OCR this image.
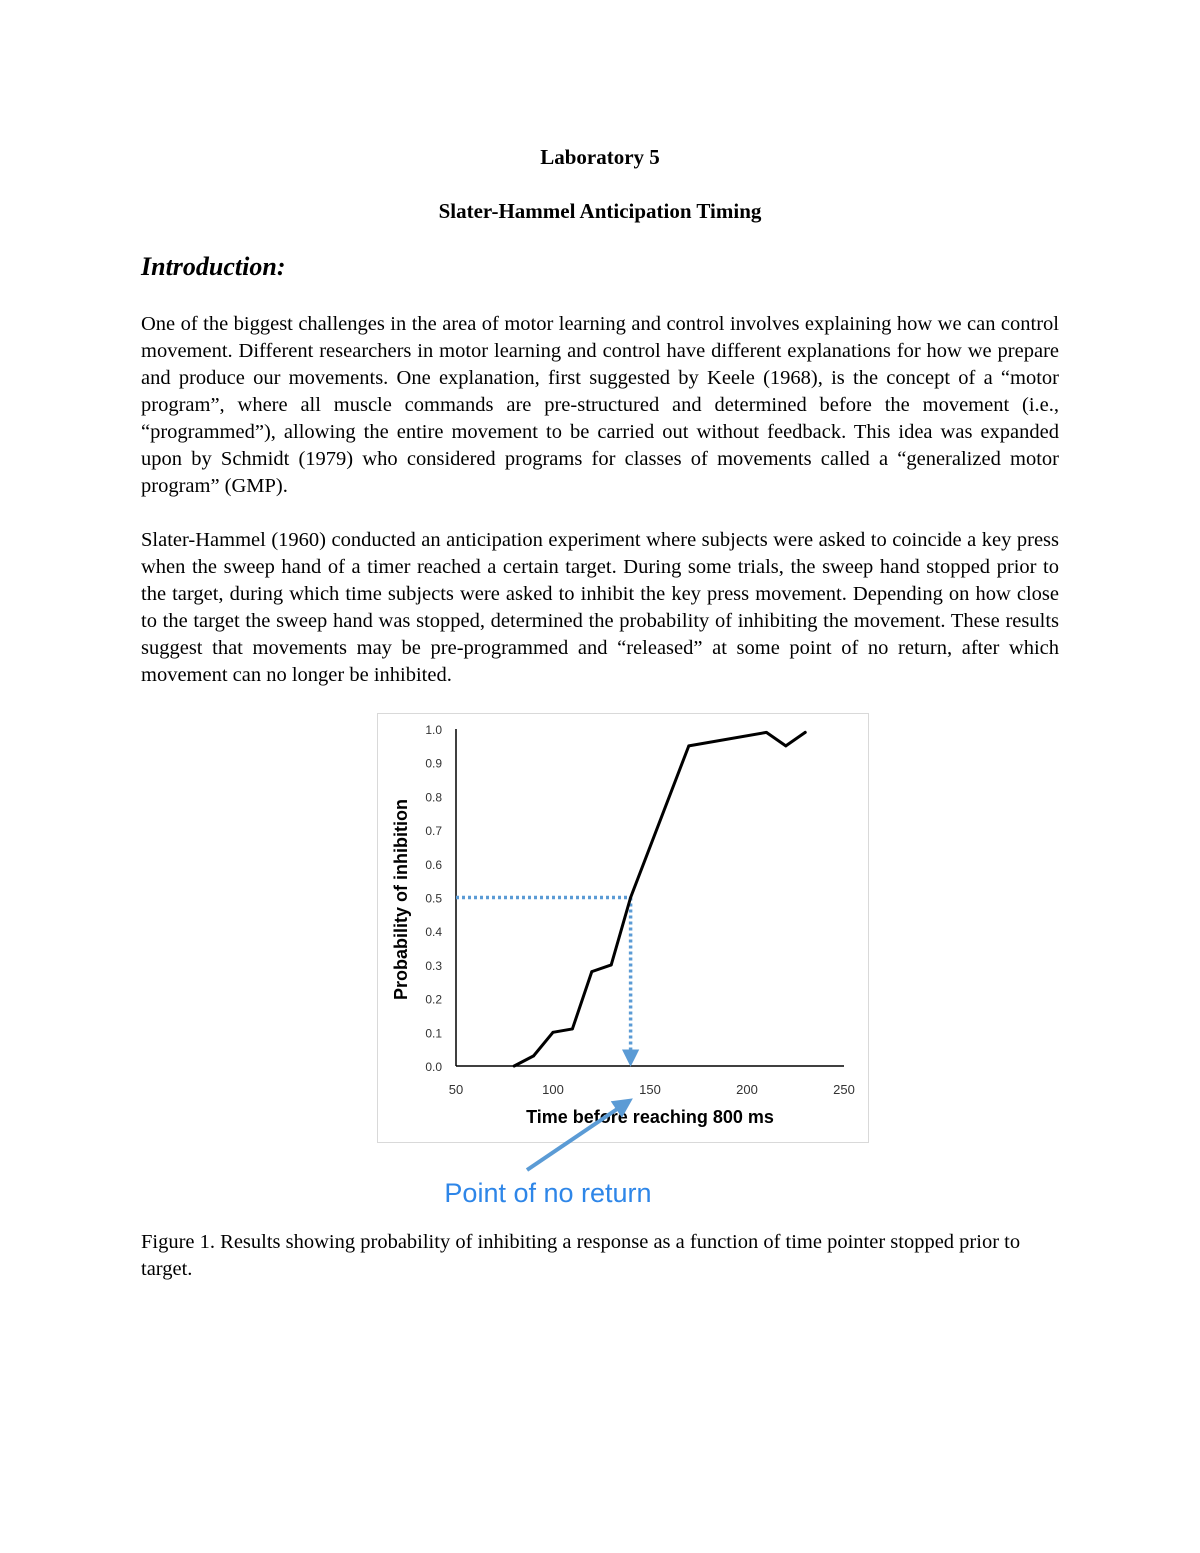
Laboratory 5
Slater-Hammel Anticipation Timing
Introduction:

One of the biggest challenges in the area of motor learning and control involves explaining how we can control movement. Different researchers in motor learning and control have different explanations for how we prepare and produce our movements. One explanation, first suggested by Keele (1968), is the concept of a “motor program”, where all muscle commands are pre-structured and determined before the movement (i.e., “programmed”), allowing the entire movement to be carried out without feedback. This idea was expanded upon by Schmidt (1979) who considered programs for classes of movements called a “generalized motor program” (GMP).

Slater-Hammel (1960) conducted an anticipation experiment where subjects were asked to coincide a key press when the sweep hand of a timer reached a certain target. During some trials, the sweep hand stopped prior to the target, during which time subjects were asked to inhibit the key press movement. Depending on how close to the target the sweep hand was stopped, determined the probability of inhibiting the movement. These results suggest that movements may be pre-programmed and “released” at some point of no return, after which movement can no longer be inhibited.

0.0
0.1
0.2
0.3
0.4
0.5
0.6
0.7
0.8
0.9
1.0
50	100	150	200	250
Probability of inhibition
Time before reaching 800 ms
Point of no return

Figure 1. Results showing probability of inhibiting a response as a function of time pointer stopped prior to target.
